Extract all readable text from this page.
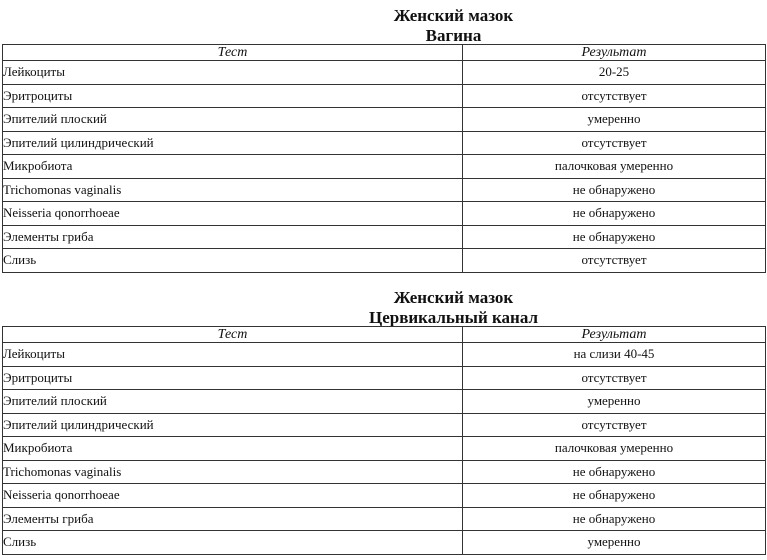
Женский мазок
Вагина
Тест	Результат
Лейкоциты	20-25
Эритроциты	отсутствует
Эпителий плоский	умеренно
Эпителий цилиндрический	отсутствует
Микробиота	палочковая умеренно
Trichomonas vaginalis	не обнаружено
Neisseria qonorrhoeae	не обнаружено
Элементы гриба	не обнаружено
Слизь	отсутствует
Женский мазок
Цервикальный канал
Тест	Результат
Лейкоциты	на слизи 40-45
Эритроциты	отсутствует
Эпителий плоский	умеренно
Эпителий цилиндрический	отсутствует
Микробиота	палочковая умеренно
Trichomonas vaginalis	не обнаружено
Neisseria qonorrhoeae	не обнаружено
Элементы гриба	не обнаружено
Слизь	умеренно
